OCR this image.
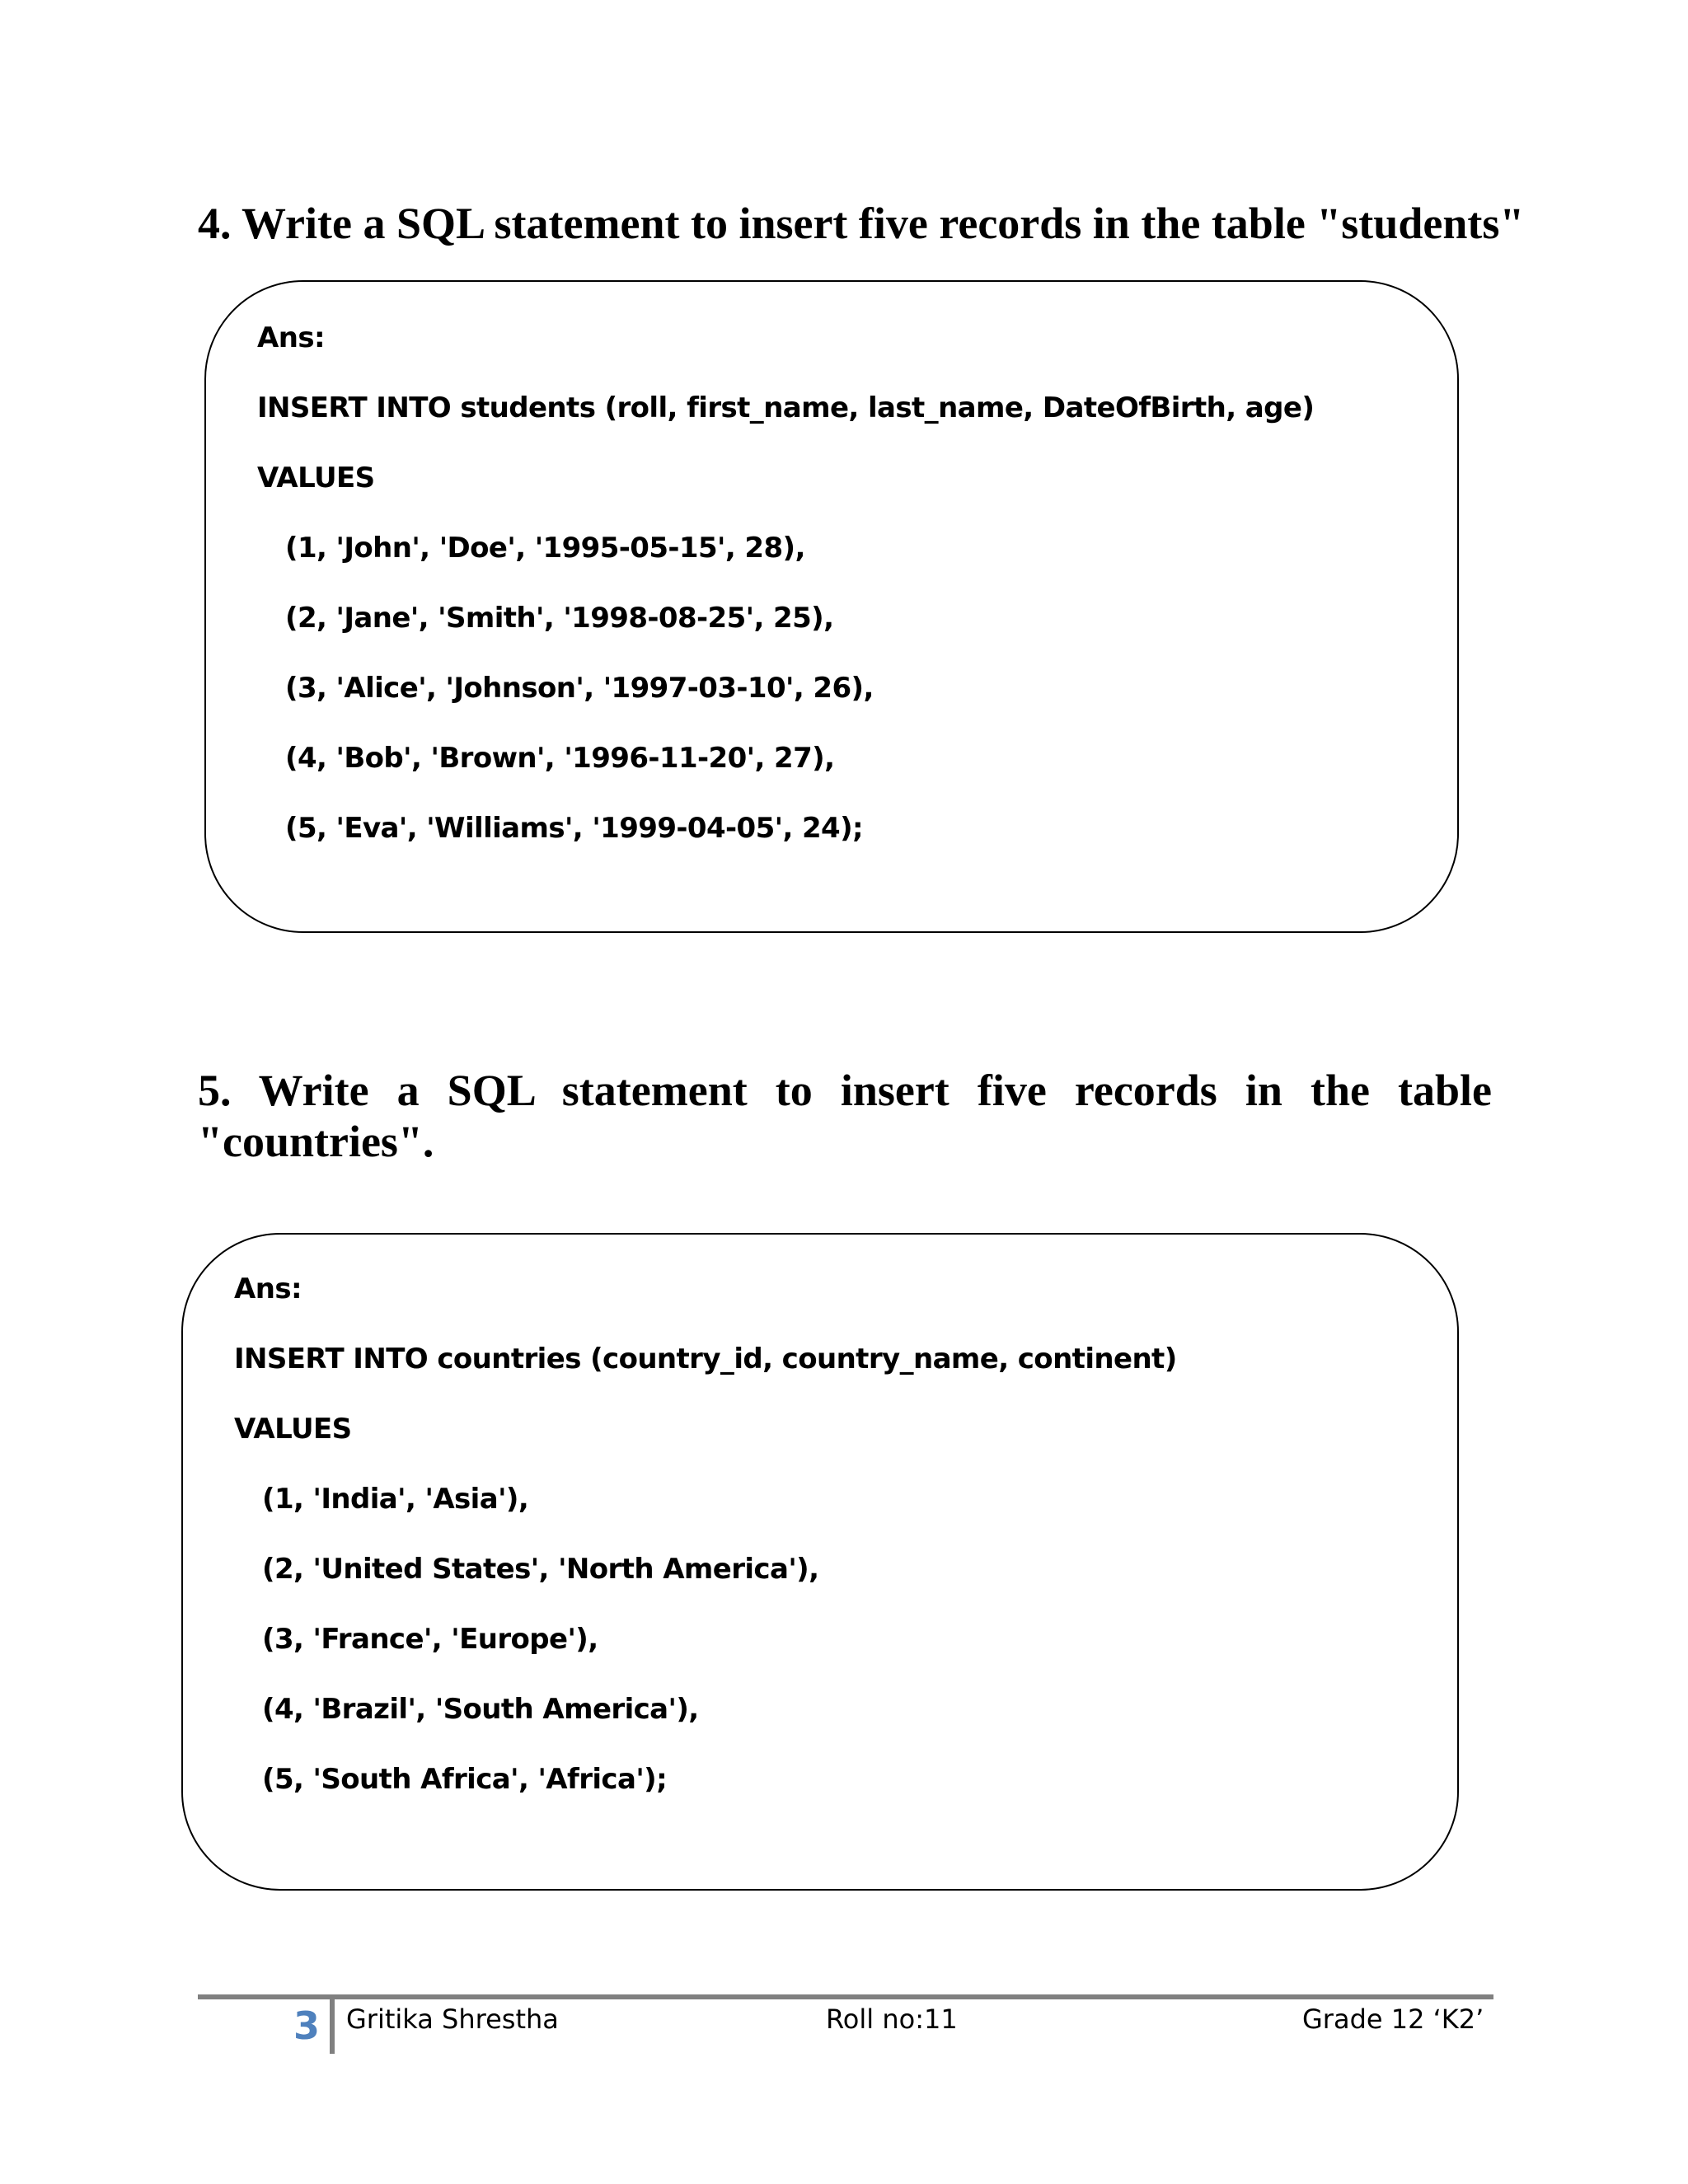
4. Write a SQL statement to insert five records in the table "students"
Ans:
INSERT INTO students (roll, first_name, last_name, DateOfBirth, age)
VALUES
(1, 'John', 'Doe', '1995-05-15', 28),
(2, 'Jane', 'Smith', '1998-08-25', 25),
(3, 'Alice', 'Johnson', '1997-03-10', 26),
(4, 'Bob', 'Brown', '1996-11-20', 27),
(5, 'Eva', 'Williams', '1999-04-05', 24);
5. Write a SQL statement to insert five records in the table "countries".
Ans:
INSERT INTO countries (country_id, country_name, continent)
VALUES
(1, 'India', 'Asia'),
(2, 'United States', 'North America'),
(3, 'France', 'Europe'),
(4, 'Brazil', 'South America'),
(5, 'South Africa', 'Africa');
3 Gritika Shrestha	Roll no:11	Grade 12 ‘K2’
